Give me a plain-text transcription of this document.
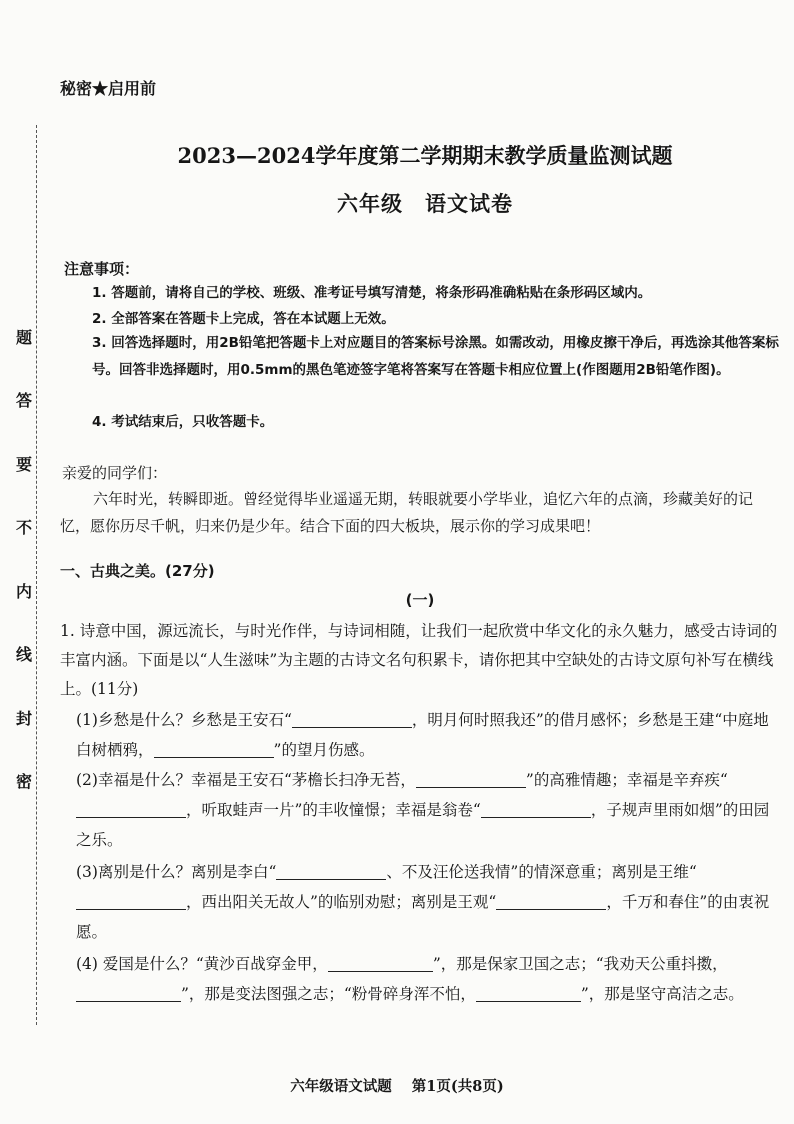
题
答
要
不
内
线
封
密
秘密★启用前
2023—2024学年度第二学期期末教学质量监测试题
六年级　语文试卷
注意事项：
1. 答题前，请将自己的学校、班级、准考证号填写清楚，将条形码准确粘贴在条形码区域内。
2. 全部答案在答题卡上完成，答在本试题上无效。
3. 回答选择题时，用2B铅笔把答题卡上对应题目的答案标号涂黑。如需改动，用橡皮擦干净后，再选涂其他答案标号。回答非选择题时，用0.5mm的黑色笔迹签字笔将答案写在答题卡相应位置上(作图题用2B铅笔作图)。
4. 考试结束后，只收答题卡。
亲爱的同学们：
六年时光，转瞬即逝。曾经觉得毕业遥遥无期，转眼就要小学毕业，追忆六年的点滴，珍藏美好的记忆，愿你历尽千帆，归来仍是少年。结合下面的四大板块，展示你的学习成果吧！
一、古典之美。(27分)
(一)
1. 诗意中国，源远流长，与时光作伴，与诗词相随，让我们一起欣赏中华文化的永久魅力，感受古诗词的丰富内涵。下面是以“人生滋味”为主题的古诗文名句积累卡，请你把其中空缺处的古诗文原句补写在横线上。(11分)
(1)乡愁是什么？乡愁是王安石“	，明月何时照我还”的借月感怀；乡愁是王建“中庭地白树栖鸦，	”的望月伤感。
(2)幸福是什么？幸福是王安石“茅檐长扫净无苔，	”的高雅情趣；幸福是辛弃疾“，听取蛙声一片”的丰收憧憬；幸福是翁卷“	，子规声里雨如烟”的田园之乐。
(3)离别是什么？离别是李白“	、不及汪伦送我情”的情深意重；离别是王维“，西出阳关无故人”的临别劝慰；离别是王观“	，千万和春住”的由衷祝愿。
(4) 爱国是什么？“黄沙百战穿金甲，	”，那是保家卫国之志；“我劝天公重抖擞，”，那是变法图强之志；“粉骨碎身浑不怕，	”，那是坚守高洁之志。
六年级语文试题 第1页(共8页)
